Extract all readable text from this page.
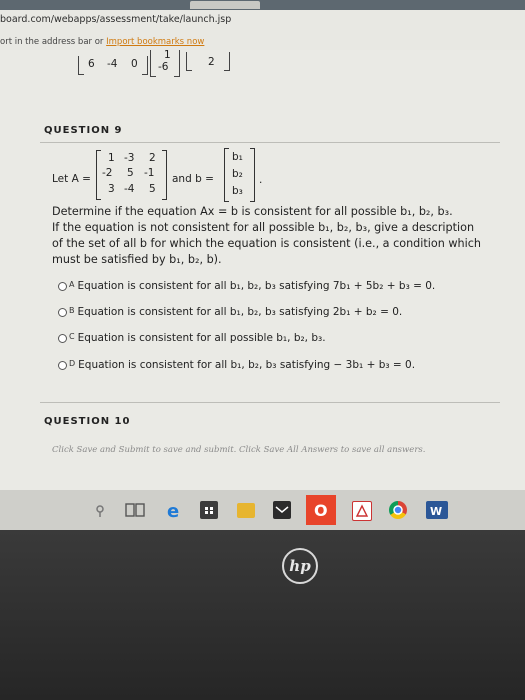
board.com/webapps/assessment/take/launch.jsp
ort in the address bar or Import bookmarks now
6 -4 0
1
-6	2
QUESTION 9
Let A =
1 -3 2
-2 5 -1
3 -4 5
and b =
b₁
b₂
b₃
.
Determine if the equation Ax = b is consistent for all possible b₁, b₂, b₃.
If the equation is not consistent for all possible b₁, b₂, b₃, give a description
of the set of all b for which the equation is consistent (i.e., a condition which
must be satisfied by b₁, b₂, b).
A Equation is consistent for all b₁, b₂, b₃ satisfying 7b₁ + 5b₂ + b₃ = 0.
B Equation is consistent for all b₁, b₂, b₃ satisfying 2b₁ + b₂ = 0.
C Equation is consistent for all possible b₁, b₂, b₃.
D Equation is consistent for all b₁, b₂, b₃ satisfying − 3b₁ + b₃ = 0.
QUESTION 10
Click Save and Submit to save and submit. Click Save All Answers to save all answers.
e	O	W
hp
